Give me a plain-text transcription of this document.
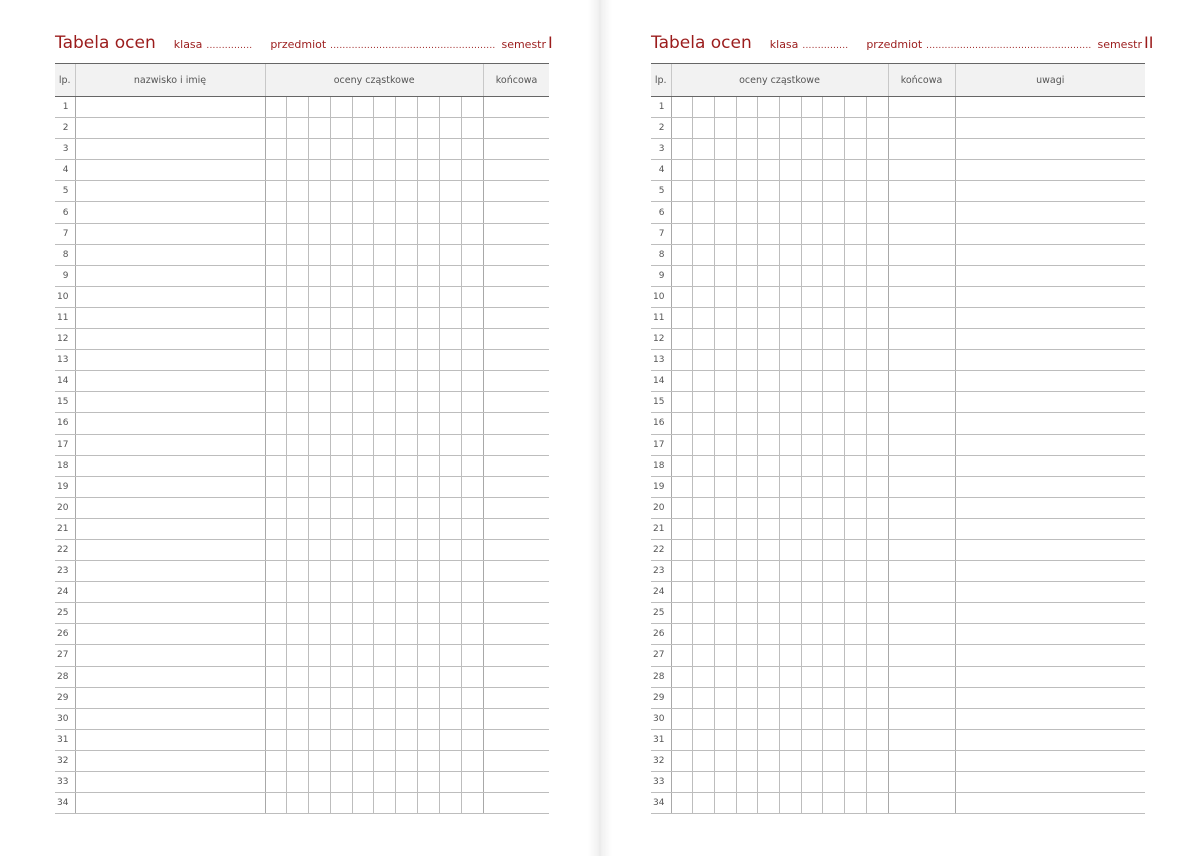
Tabela ocen klasa ............... przedmiot ...................................................... semestr I
lp.	nazwisko i imię	oceny cząstkowe										końcowa
1												
2												
3												
4												
5												
6												
7												
8												
9												
10												
11												
12												
13												
14												
15												
16												
17												
18												
19												
20												
21												
22												
23												
24												
25												
26												
27												
28												
29												
30												
31												
32												
33												
34												
Tabela ocen klasa ............... przedmiot ...................................................... semestr II
lp.	oceny cząstkowe										końcowa	uwagi
1												
2												
3												
4												
5												
6												
7												
8												
9												
10												
11												
12												
13												
14												
15												
16												
17												
18												
19												
20												
21												
22												
23												
24												
25												
26												
27												
28												
29												
30												
31												
32												
33												
34												
